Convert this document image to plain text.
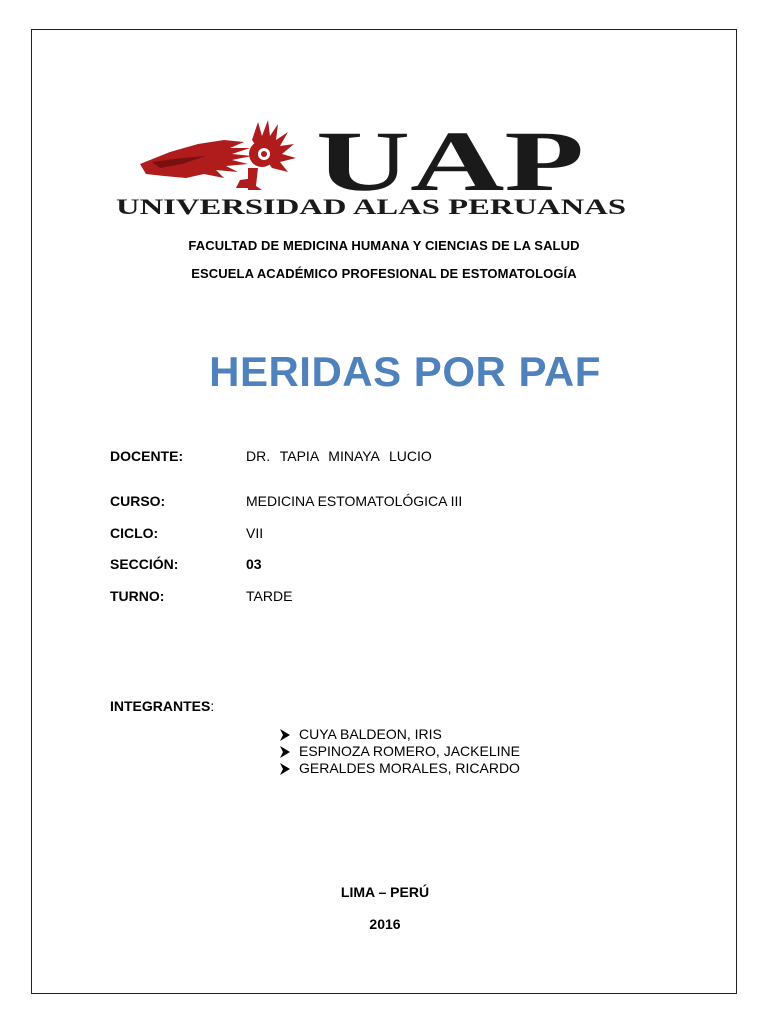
UAP
UNIVERSIDAD ALAS PERUANAS
FACULTAD DE MEDICINA HUMANA Y CIENCIAS DE LA SALUD
ESCUELA ACADÉMICO PROFESIONAL DE ESTOMATOLOGÍA
HERIDAS POR PAF
DOCENTE:	DR. TAPIA MINAYA LUCIO
CURSO:	MEDICINA ESTOMATOLÓGICA III
CICLO:	VII
SECCIÓN:	03
TURNO:	TARDE
INTEGRANTES:
CUYA BALDEON, IRIS
ESPINOZA ROMERO, JACKELINE
GERALDES MORALES, RICARDO
LIMA – PERÚ
2016
